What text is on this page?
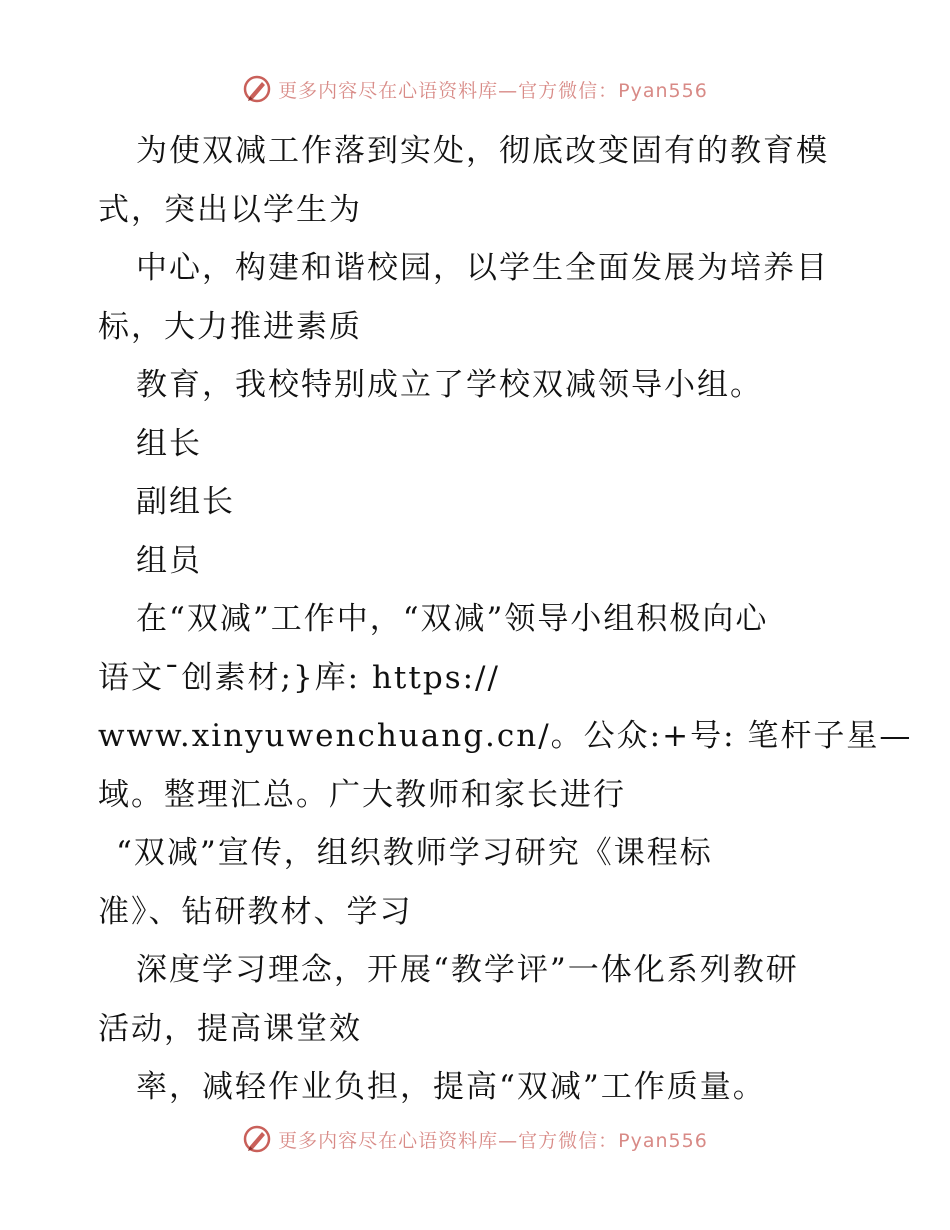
更多内容尽在心语资料库—官方微信：Pyan556
为使双减工作落到实处，彻底改变固有的教育模
式，突出以学生为
中心，构建和谐校园，以学生全面发展为培养目
标，大力推进素质
教育，我校特别成立了学校双减领导小组。
组长
副组长
组员
在“双减”工作中，“双减”领导小组积极向心
语文¯创素材;}库: https://
www.xinyuwenchuang.cn/。公众:+号: 笔杆子星—
域。整理汇总。广大教师和家长进行
“双减”宣传，组织教师学习研究《课程标
准》、钻研教材、学习
深度学习理念，开展“教学评”一体化系列教研
活动，提高课堂效
率，减轻作业负担，提高“双减”工作质量。
更多内容尽在心语资料库—官方微信：Pyan556
